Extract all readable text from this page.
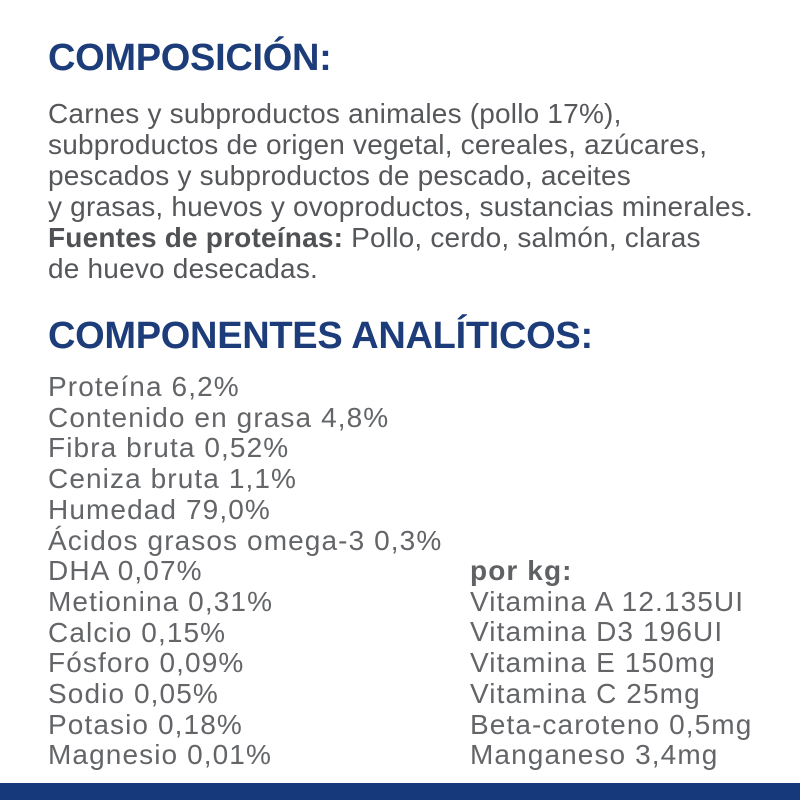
COMPOSICIÓN:
Carnes y subproductos animales (pollo 17%),
subproductos de origen vegetal, cereales, azúcares,
pescados y subproductos de pescado, aceites
y grasas, huevos y ovoproductos, sustancias minerales.
Fuentes de proteínas: Pollo, cerdo, salmón, claras
de huevo desecadas.
COMPONENTES ANALÍTICOS:
Proteína 6,2%
Contenido en grasa 4,8%
Fibra bruta 0,52%
Ceniza bruta 1,1%
Humedad 79,0%
Ácidos grasos omega-3 0,3%
DHA 0,07%
Metionina 0,31%
Calcio 0,15%
Fósforo 0,09%
Sodio 0,05%
Potasio 0,18%
Magnesio 0,01%
por kg:
Vitamina A 12.135UI
Vitamina D3 196UI
Vitamina E 150mg
Vitamina C 25mg
Beta-caroteno 0,5mg
Manganeso 3,4mg
